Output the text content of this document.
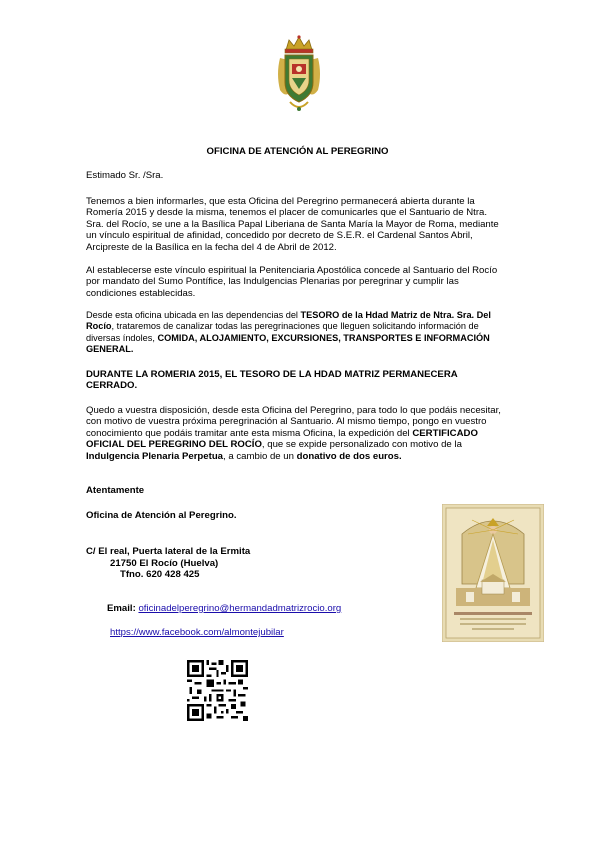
OFICINA DE ATENCIÓN AL PEREGRINO

Estimado Sr. /Sra.

Tenemos a bien informarles, que esta Oficina del Peregrino permanecerá abierta durante la Romería 2015 y desde la misma, tenemos el placer de comunicarles que el Santuario de Ntra. Sra. del Rocío, se une a la Basílica Papal Liberiana de Santa María la Mayor de Roma, mediante un vínculo espiritual de afinidad, concedido por decreto de S.E.R. el Cardenal Santos Abril, Arcipreste de la Basílica en la fecha del 4 de Abril de 2012.

Al establecerse este vínculo espiritual la Penitenciaria Apostólica concede al Santuario del Rocío por mandato del Sumo Pontífice, las Indulgencias Plenarias por peregrinar y cumplir las condiciones establecidas.

Desde esta oficina ubicada en las dependencias del TESORO de la Hdad Matriz de Ntra. Sra. Del Rocío, trataremos de canalizar todas las peregrinaciones que lleguen solicitando información de diversas índoles, COMIDA, ALOJAMIENTO, EXCURSIONES, TRANSPORTES E INFORMACIÓN GENERAL.

DURANTE LA ROMERIA 2015, EL TESORO DE LA HDAD MATRIZ PERMANECERA CERRADO.

Quedo a vuestra disposición, desde esta Oficina del Peregrino, para todo lo que podáis necesitar, con motivo de vuestra próxima peregrinación al Santuario. Al mismo tiempo, pongo en vuestro conocimiento que podáis tramitar ante esta misma Oficina, la expedición del CERTIFICADO OFICIAL DEL PEREGRINO DEL ROCÍO, que se expide personalizado con motivo de la Indulgencia Plenaria Perpetua, a cambio de un donativo de dos euros.

Atentamente

Oficina de Atención al Peregrino.

C/ El real, Puerta lateral de la Ermita
21750 El Rocío (Huelva)
Tfno. 620 428 425
Email: oficinadelperegrino@hermandadmatrizrocio.org
https://www.facebook.com/almontejubilar
